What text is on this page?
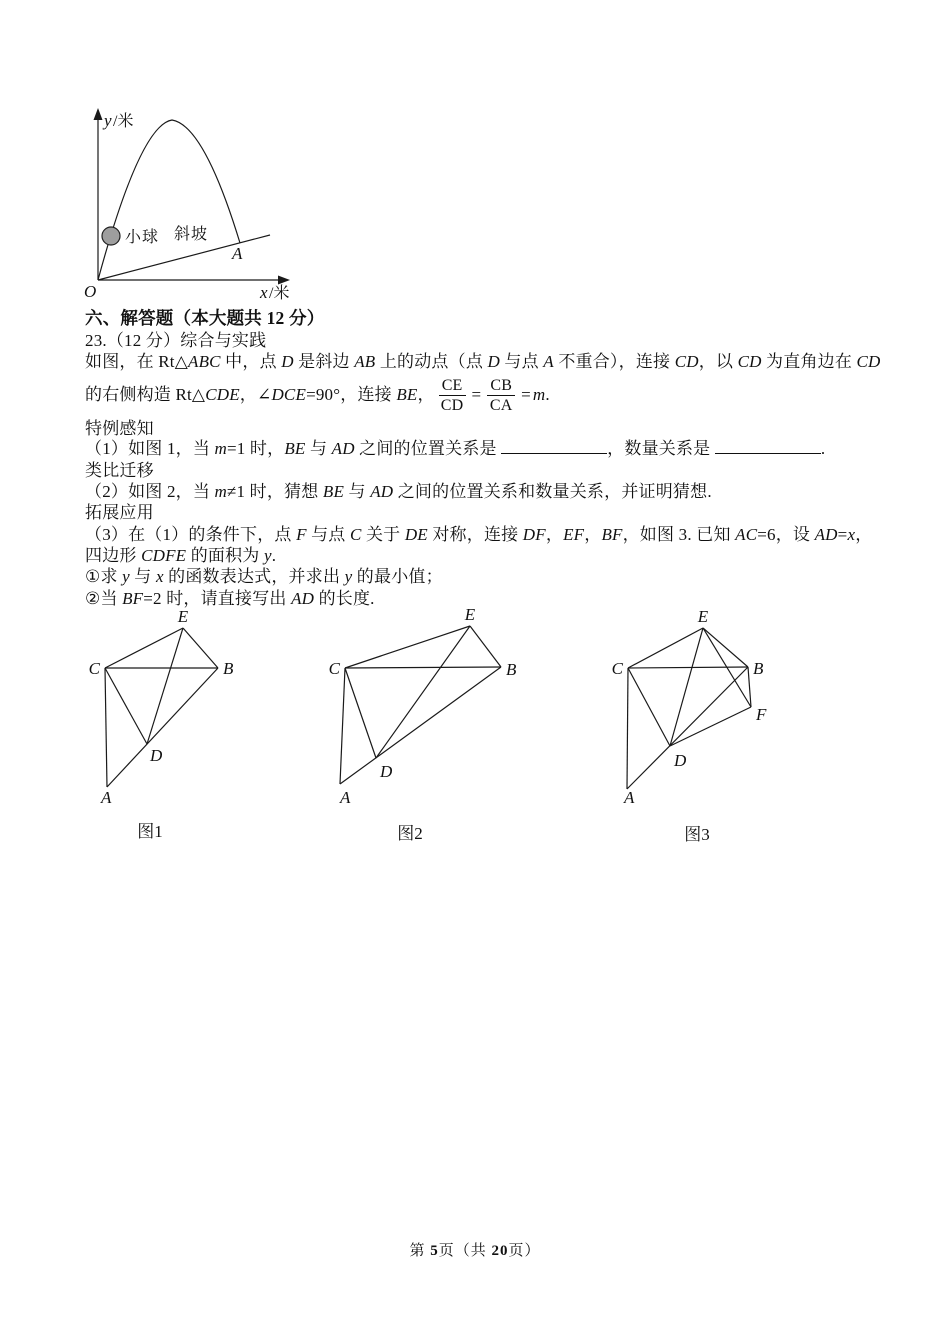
y /米
x /米
O
小球 斜坡
A
六、解答题（本大题共 12 分）
23.（12 分）综合与实践
如图，在 Rt△ABC 中，点 D 是斜边 AB 上的动点（点 D 与点 A 不重合），连接 CD，以 CD 为直角边在 CD
的右侧构造 Rt△CDE，∠DCE=90°，连接 BE， $\frac{CE}{CD} = \frac{CB}{CA} = m$.
特例感知
（1）如图 1，当 m=1 时，BE 与 AD 之间的位置关系是	，数量关系是	.
类比迁移
（2）如图 2，当 m≠1 时，猜想 BE 与 AD 之间的位置关系和数量关系，并证明猜想.
拓展应用
（3）在（1）的条件下，点 F 与点 C 关于 DE 对称，连接 DF，EF，BF，如图 3. 已知 AC=6，设 AD=x，
四边形 CDFE 的面积为 y.
①求 y 与 x 的函数表达式，并求出 y 的最小值；
②当 BF=2 时，请直接写出 AD 的长度.
E
C	B
D
A
图1
E
C	B
D
A
图2
E
C	B
F
D
A
图3
第 5页（共 20页）
